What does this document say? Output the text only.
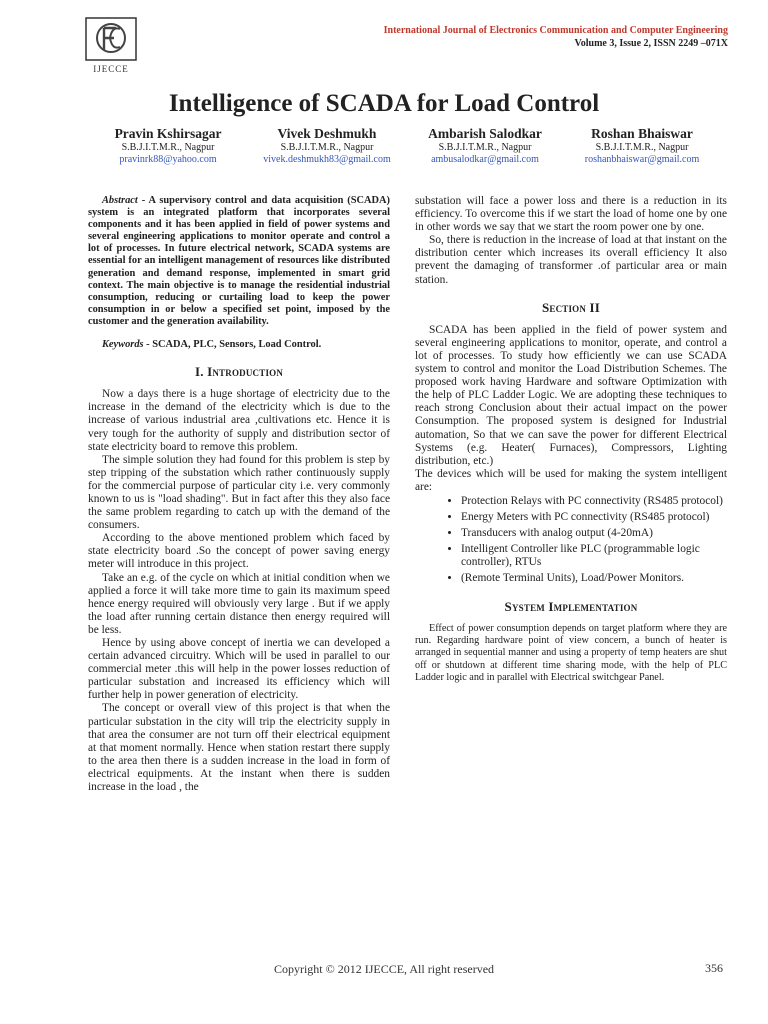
IJECCE
International Journal of Electronics Communication and Computer Engineering
Volume 3, Issue 2, ISSN 2249 –071X
Intelligence of SCADA for Load Control
Pravin Kshirsagar
S.B.J.I.T.M.R., Nagpur
pravinrk88@yahoo.com
Vivek Deshmukh
S.B.J.I.T.M.R., Nagpur
vivek.deshmukh83@gmail.com
Ambarish Salodkar
S.B.J.I.T.M.R., Nagpur
ambusalodkar@gmail.com
Roshan Bhaiswar
S.B.J.I.T.M.R., Nagpur
roshanbhaiswar@gmail.com

Abstract - A supervisory control and data acquisition (SCADA) system is an integrated platform that incorporates several components and it has been applied in field of power systems and several engineering applications to monitor operate and control a lot of processes. In future electrical network, SCADA systems are essential for an intelligent management of resources like distributed generation and demand response, implemented in smart grid context. The main objective is to manage the residential industrial consumption, reducing or curtailing load to keep the power consumption in or below a specified set point, imposed by the customer and the generation availability.

Keywords - SCADA, PLC, Sensors, Load Control.

I. Introduction

Now a days there is a huge shortage of electricity due to the increase in the demand of the electricity which is due to the increase of various industrial area ,cultivations etc. Hence it is very tough for the authority of supply and distribution sector of state electricity board to remove this problem.

The simple solution they had found for this problem is step by step tripping of the substation which rather continuously supply for the commercial purpose of particular city i.e. very commonly known to us is "load shading". But in fact after this they also face the same problem regarding to catch up with the demand of the consumers.

According to the above mentioned problem which faced by state electricity board .So the concept of power saving energy meter will introduce in this project.

Take an e.g. of the cycle on which at initial condition when we applied a force it will take more time to gain its maximum speed hence energy required will obviously very large . But if we apply the load after running certain distance then energy required will be less.

Hence by using above concept of inertia we can developed a certain advanced circuitry. Which will be used in parallel to our commercial meter .this will help in the power losses reduction of particular substation and increased its efficiency which will further help in power generation of electricity.

The concept or overall view of this project is that when the particular substation in the city will trip the electricity supply in that area the consumer are not turn off their electrical equipment at that moment normally. Hence when station restart there supply to the area then there is a sudden increase in the load in form of electrical equipments. At the instant when there is sudden increase in the load , the

substation will face a power loss and there is a reduction in its efficiency. To overcome this if we start the load of home one by one in other words we say that we start the room power one by one.

So, there is reduction in the increase of load at that instant on the distribution center which increases its overall efficiency It also prevent the damaging of transformer .of particular area or main station.

Section II

SCADA has been applied in the field of power system and several engineering applications to monitor, operate, and control a lot of processes. To study how efficiently we can use SCADA system to control and monitor the Load Distribution Schemes. The proposed work having Hardware and software Optimization with the help of PLC Ladder Logic. We are adopting these techniques to reach strong Conclusion about their actual impact on the power Consumption. The proposed system is designed for Industrial automation, So that we can save the power for different Electrical Systems (e.g. Heater( Furnaces), Compressors, Lighting distribution, etc.)

The devices which will be used for making the system intelligent are:

• Protection Relays with PC connectivity (RS485 protocol)
• Energy Meters with PC connectivity (RS485 protocol)
• Transducers with analog output (4-20mA)
• Intelligent Controller like PLC (programmable logic controller), RTUs
• (Remote Terminal Units), Load/Power Monitors.
System Implementation

Effect of power consumption depends on target platform where they are run. Regarding hardware point of view concern, a bunch of heater is arranged in sequential manner and using a property of temp heaters are shut off or shutdown at different time sharing mode, with the help of PLC Ladder logic and in parallel with Electrical switchgear Panel.

Copyright © 2012 IJECCE, All right reserved	356
